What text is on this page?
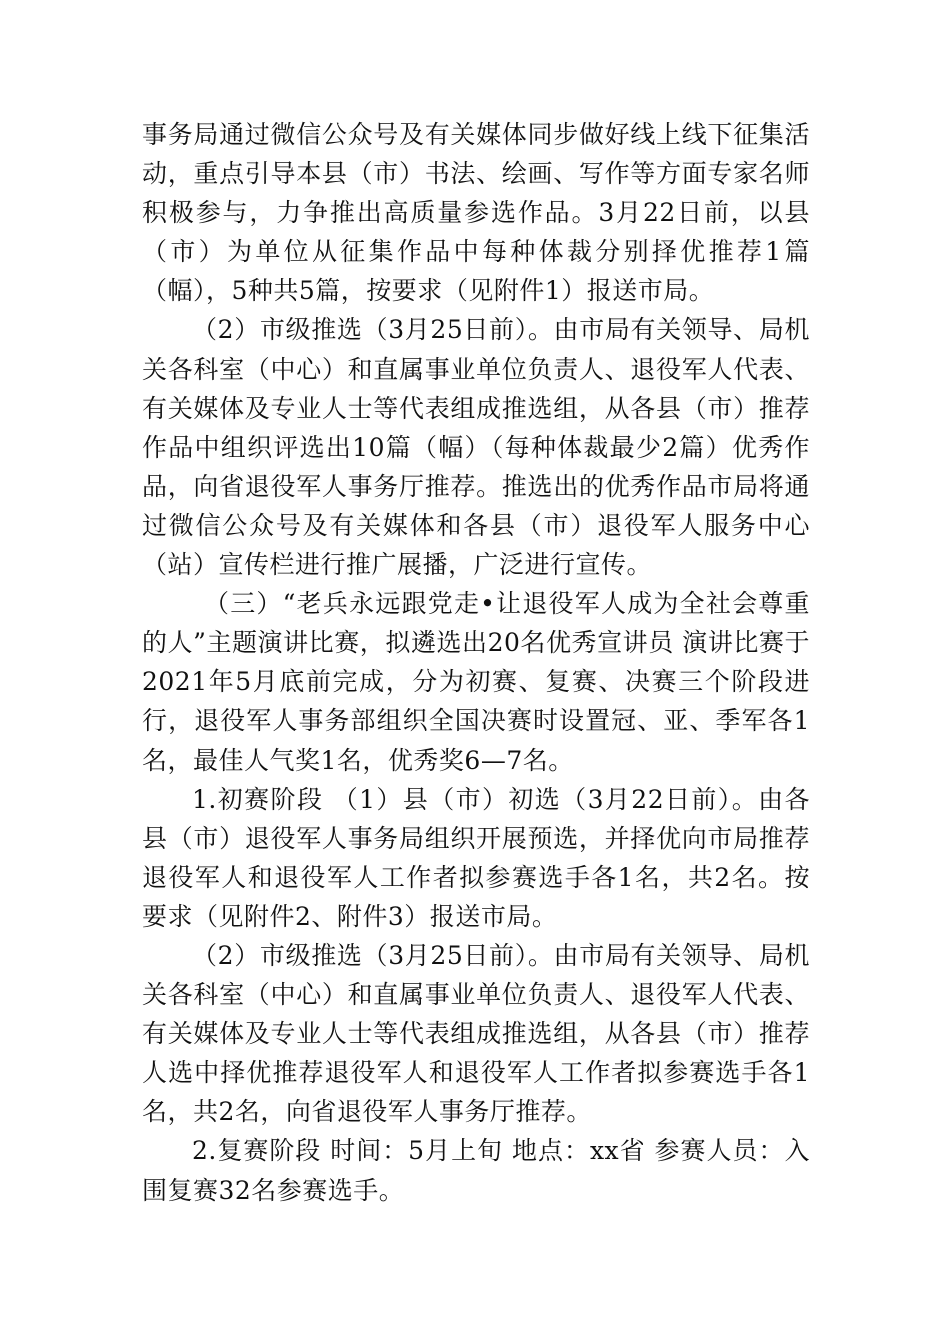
事务局通过微信公众号及有关媒体同步做好线上线下征集活动，重点引导本县（市）书法、绘画、写作等方面专家名师积极参与，力争推出高质量参选作品。3月22日前，以县（市）为单位从征集作品中每种体裁分别择优推荐1篇（幅），5种共5篇，按要求（见附件1）报送市局。

（2）市级推选（3月25日前）。由市局有关领导、局机关各科室（中心）和直属事业单位负责人、退役军人代表、有关媒体及专业人士等代表组成推选组，从各县（市）推荐作品中组织评选出10篇（幅）（每种体裁最少2篇）优秀作品，向省退役军人事务厅推荐。推选出的优秀作品市局将通过微信公众号及有关媒体和各县（市）退役军人服务中心（站）宣传栏进行推广展播，广泛进行宣传。

（三）“老兵永远跟党走•让退役军人成为全社会尊重的人”主题演讲比赛，拟遴选出20名优秀宣讲员 演讲比赛于2021年5月底前完成，分为初赛、复赛、决赛三个阶段进行，退役军人事务部组织全国决赛时设置冠、亚、季军各1名，最佳人气奖1名，优秀奖6—7名。

1.初赛阶段 （1）县（市）初选（3月22日前）。由各县（市）退役军人事务局组织开展预选，并择优向市局推荐退役军人和退役军人工作者拟参赛选手各1名，共2名。按要求（见附件2、附件3）报送市局。

（2）市级推选（3月25日前）。由市局有关领导、局机关各科室（中心）和直属事业单位负责人、退役军人代表、有关媒体及专业人士等代表组成推选组，从各县（市）推荐人选中择优推荐退役军人和退役军人工作者拟参赛选手各1名，共2名，向省退役军人事务厅推荐。

2.复赛阶段 时间：5月上旬 地点：xx省 参赛人员：入围复赛32名参赛选手。
